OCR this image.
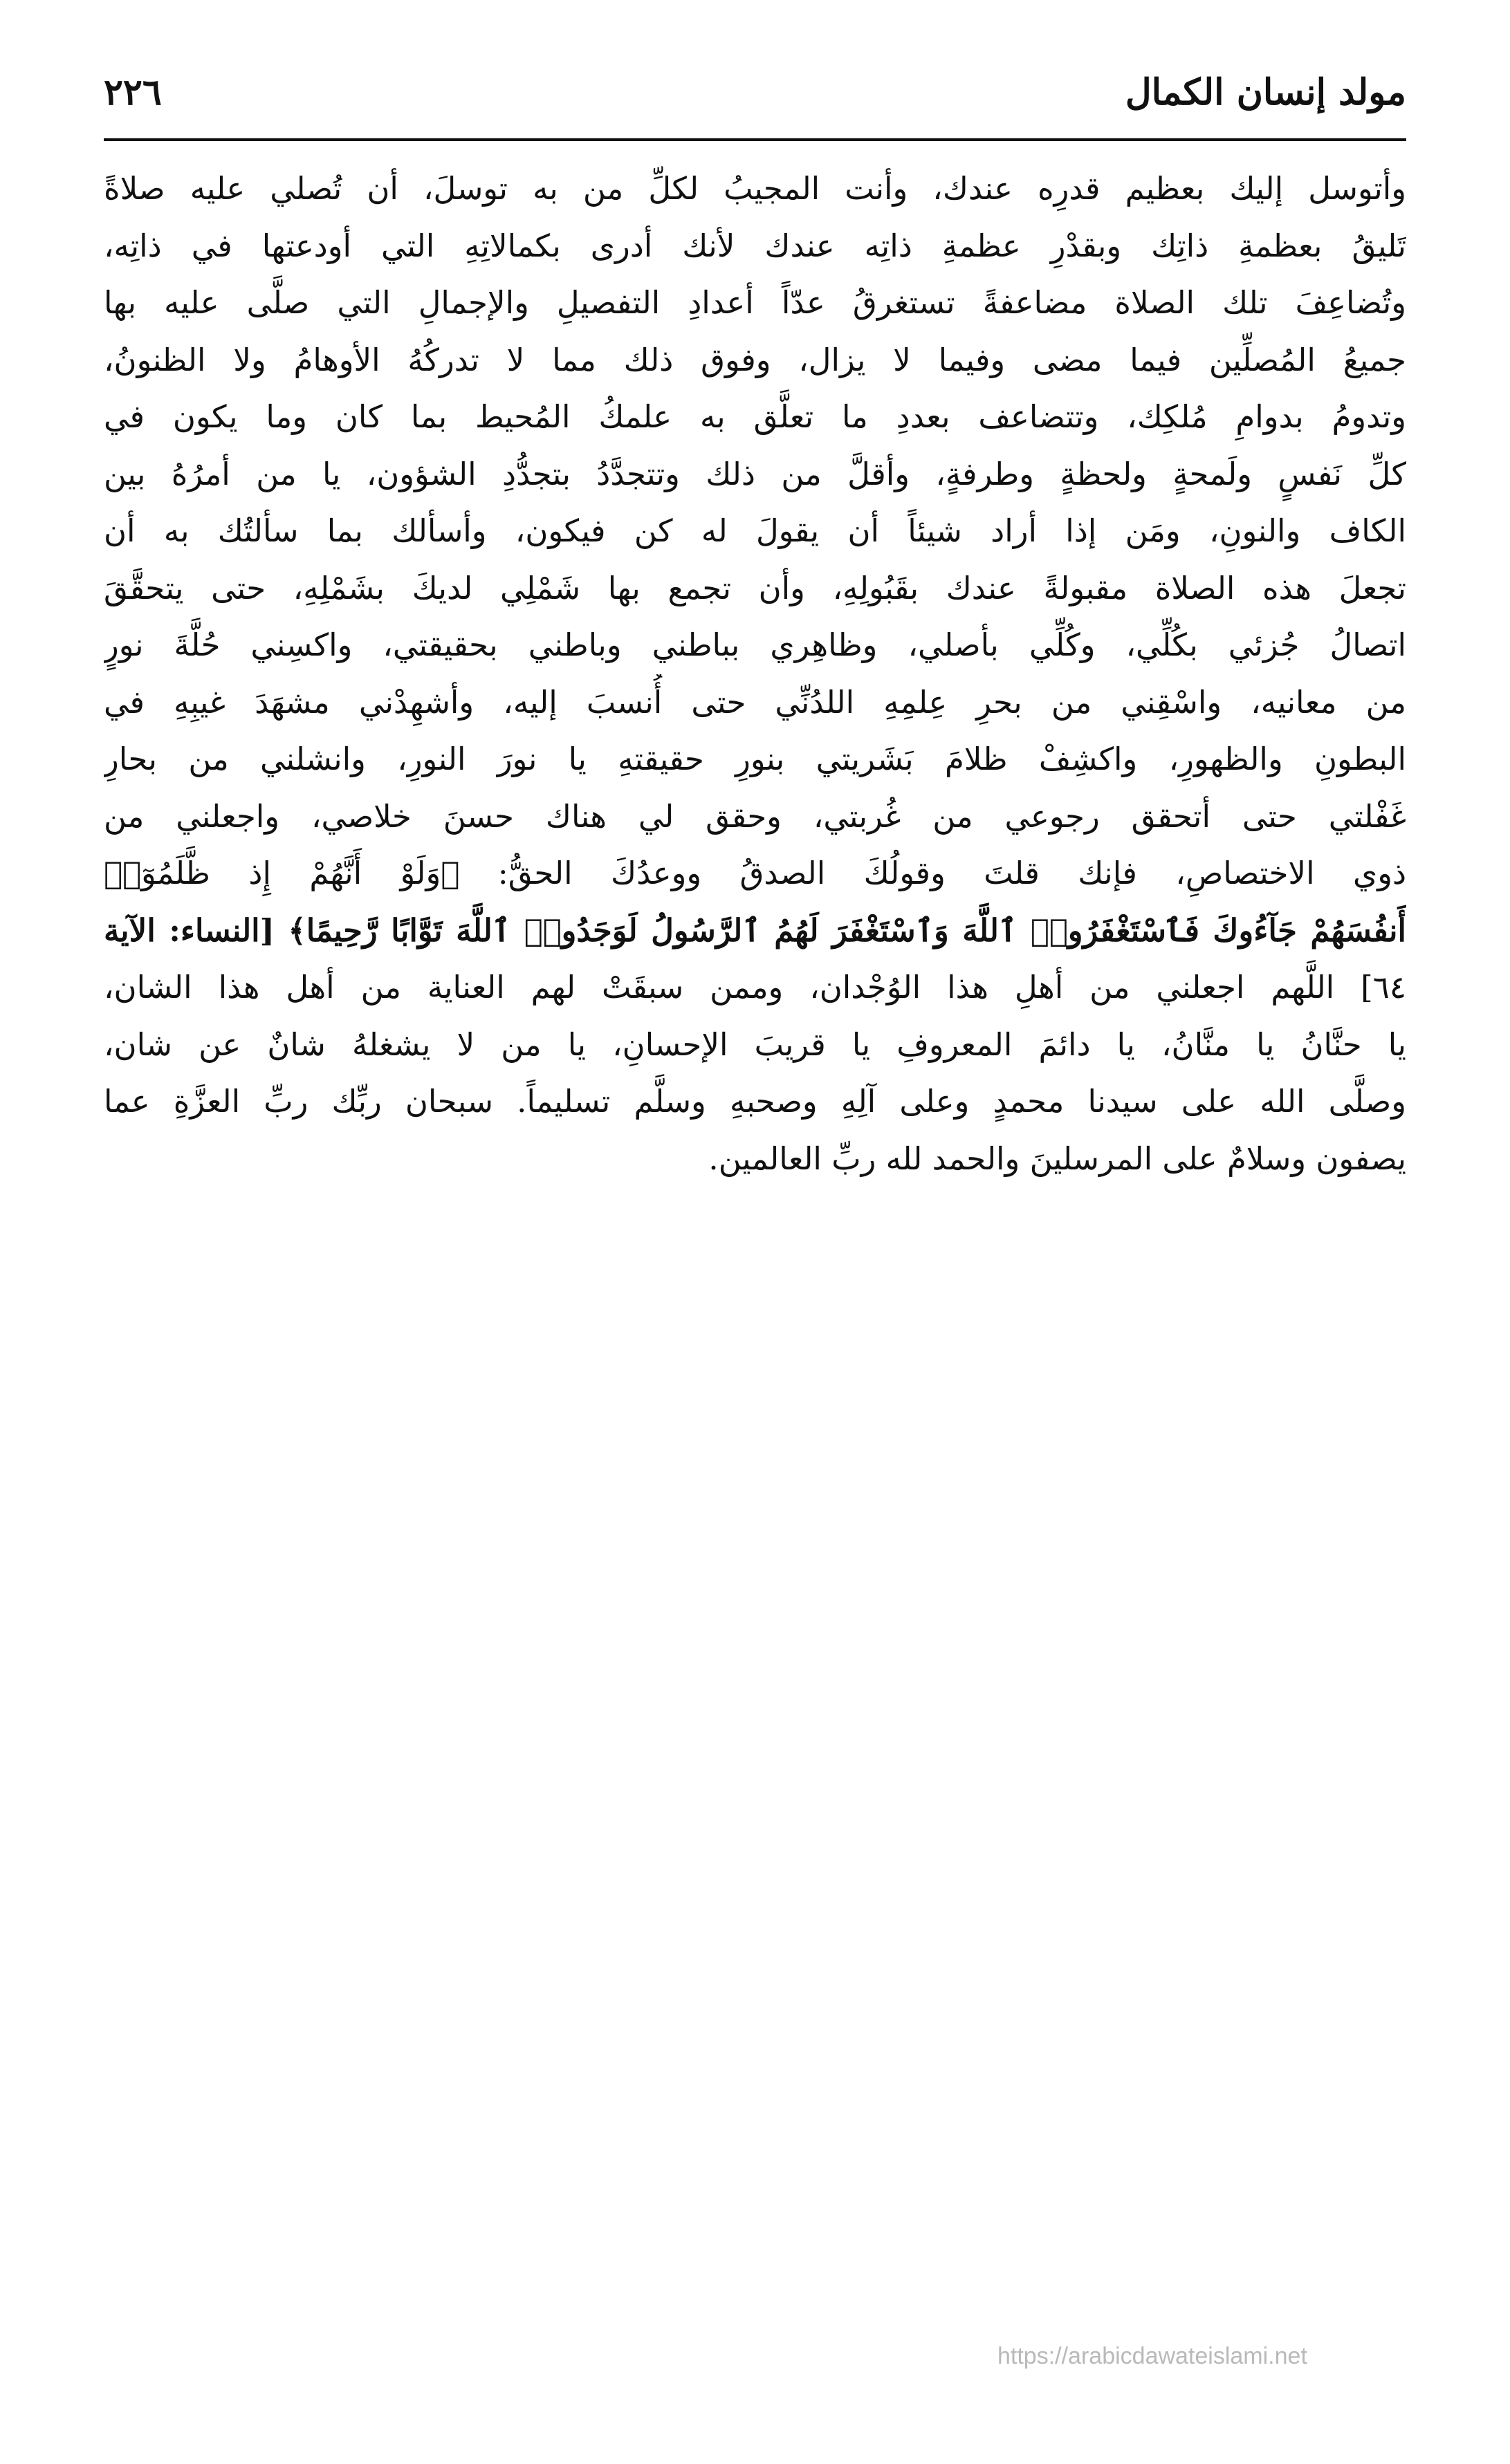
٢٢٦	مولد إنسان الكمال
وأتوسل إليك بعظيم قدرِه عندك، وأنت المجيبُ لكلِّ من به توسلَ، أن تُصلي عليه صلاةً
تَليقُ بعظمةِ ذاتِك وبقدْرِ عظمةِ ذاتِه عندك لأنك أدرى بكمالاتِهِ التي أودعتها في ذاتِه،
وتُضاعِفَ تلك الصلاة مضاعفةً تستغرقُ عدّاً أعدادِ التفصيلِ والإجمالِ التي صلَّى عليه بها
جميعُ المُصلِّين فيما مضى وفيما لا يزال، وفوق ذلك مما لا تدركُهُ الأوهامُ ولا الظنونُ،
وتدومُ بدوامِ مُلكِك، وتتضاعف بعددِ ما تعلَّق به علمكُ المُحيط بما كان وما يكون في
كلِّ نَفسٍ ولَمحةٍ ولحظةٍ وطرفةٍ، وأقلَّ من ذلك وتتجدَّدُ بتجدُّدِ الشؤون، يا من أمرُهُ بين
الكاف والنونِ، ومَن إذا أراد شيئاً أن يقولَ له كن فيكون، وأسألك بما سألتُك به أن
تجعلَ هذه الصلاة مقبولةً عندك بقَبُولِهِ، وأن تجمع بها شَمْلِي لديكَ بشَمْلِهِ، حتى يتحقَّقَ
اتصالُ جُزئي بكُلِّي، وكُلِّي بأصلي، وظاهِري بباطني وباطني بحقيقتي، واكسِني حُلَّةَ نورٍ
من معانيه، واسْقِني من بحرِ عِلمِهِ اللدُنِّي حتى أُنسبَ إليه، وأشهِدْني مشهَدَ غيبِهِ في
البطونِ والظهورِ، واكشِفْ ظلامَ بَشَريتي بنورِ حقيقتهِ يا نورَ النورِ، وانشلني من بحارِ
غَفْلتي حتى أتحقق رجوعي من غُربتي، وحقق لي هناك حسنَ خلاصي، واجعلني من
ذوي الاختصاصِ، فإنك قلتَ وقولُكَ الصدقُ ووعدُكَ الحقُّ: ﴿وَلَوْ أَنَّهُمْ إِذ ظَّلَمُوٓا۟
أَنفُسَهُمْ جَآءُوكَ فَٱسْتَغْفَرُوا۟ ٱللَّهَ وَٱسْتَغْفَرَ لَهُمُ ٱلرَّسُولُ لَوَجَدُوا۟ ٱللَّهَ تَوَّابًا رَّحِيمًا﴾ [النساء: الآية
٦٤] اللَّهم اجعلني من أهلِ هذا الوُجْدان، وممن سبقَتْ لهم العناية من أهل هذا الشان،
يا حنَّانُ يا منَّانُ، يا دائمَ المعروفِ يا قريبَ الإحسانِ، يا من لا يشغلهُ شانٌ عن شان،
وصلَّى الله على سيدنا محمدٍ وعلى آلِهِ وصحبهِ وسلَّم تسليماً. سبحان ربِّك ربِّ العزَّةِ عما
يصفون وسلامٌ على المرسلينَ والحمد لله ربِّ العالمين.
https://arabicdawateislami.net
